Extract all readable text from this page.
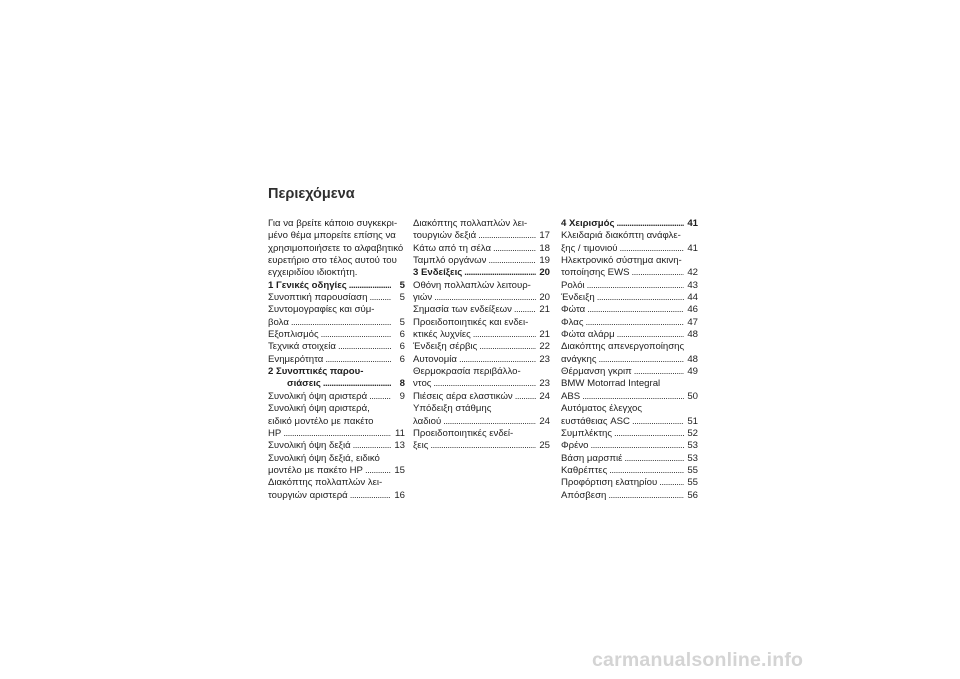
Περιεχόμενα
Για να βρείτε κάποιο συγκεκρι-
μένο θέμα μπορείτε επίσης να
χρησιμοποιήσετε το αλφαβητικό
ευρετήριο στο τέλος αυτού του
εγχειριδίου ιδιοκτήτη.
1 Γενικές οδηγίες . . .	5
Συνοπτική παρουσίαση . . .	5
Συντομογραφίες και σύμ-
βολα . . .	5
Εξοπλισμός . . .	6
Τεχνικά στοιχεία . . .	6
Ενημερότητα . . .	6
2 Συνοπτικές παρου-
σιάσεις . . .	8
Συνολική όψη αριστερά . . .	9
Συνολική όψη αριστερά,
ειδικό μοντέλο με πακέτο
HP . . .	11
Συνολική όψη δεξιά . . .	13
Συνολική όψη δεξιά, ειδικό
μοντέλο με πακέτο HP . . .	15
Διακόπτης πολλαπλών λει-
τουργιών αριστερά . . .	16
Διακόπτης πολλαπλών λει-
τουργιών δεξιά . . .	17
Κάτω από τη σέλα . . .	18
Ταμπλό οργάνων . . .	19
3 Ενδείξεις . . .	20
Οθόνη πολλαπλών λειτουρ-
γιών . . .	20
Σημασία των ενδείξεων . . .	21
Προειδοποιητικές και ενδει-
κτικές λυχνίες . . .	21
Ένδειξη σέρβις . . .	22
Αυτονομία . . .	23
Θερμοκρασία περιβάλλο-
ντος . . .	23
Πιέσεις αέρα ελαστικών . . .	24
Υπόδειξη στάθμης
λαδιού . . .	24
Προειδοποιητικές ενδεί-
ξεις . . .	25
4 Χειρισμός . . .	41
Κλειδαριά διακόπτη ανάφλε-
ξης / τιμονιού . . .	41
Ηλεκτρονικό σύστημα ακινη-
τοποίησης EWS . . .	42
Ρολόι . . .	43
Ένδειξη . . .	44
Φώτα . . .	46
Φλας . . .	47
Φώτα αλάρμ . . .	48
Διακόπτης απενεργοποίησης
ανάγκης . . .	48
Θέρμανση γκριπ . . .	49
BMW Motorrad Integral
ABS . . .	50
Αυτόματος έλεγχος
ευστάθειας ASC . . .	51
Συμπλέκτης . . .	52
Φρένο . . .	53
Βάση μαρσπιέ . . .	53
Καθρέπτες . . .	55
Προφόρτιση ελατηρίου . . .	55
Απόσβεση . . .	56
carmanualsonline.info
